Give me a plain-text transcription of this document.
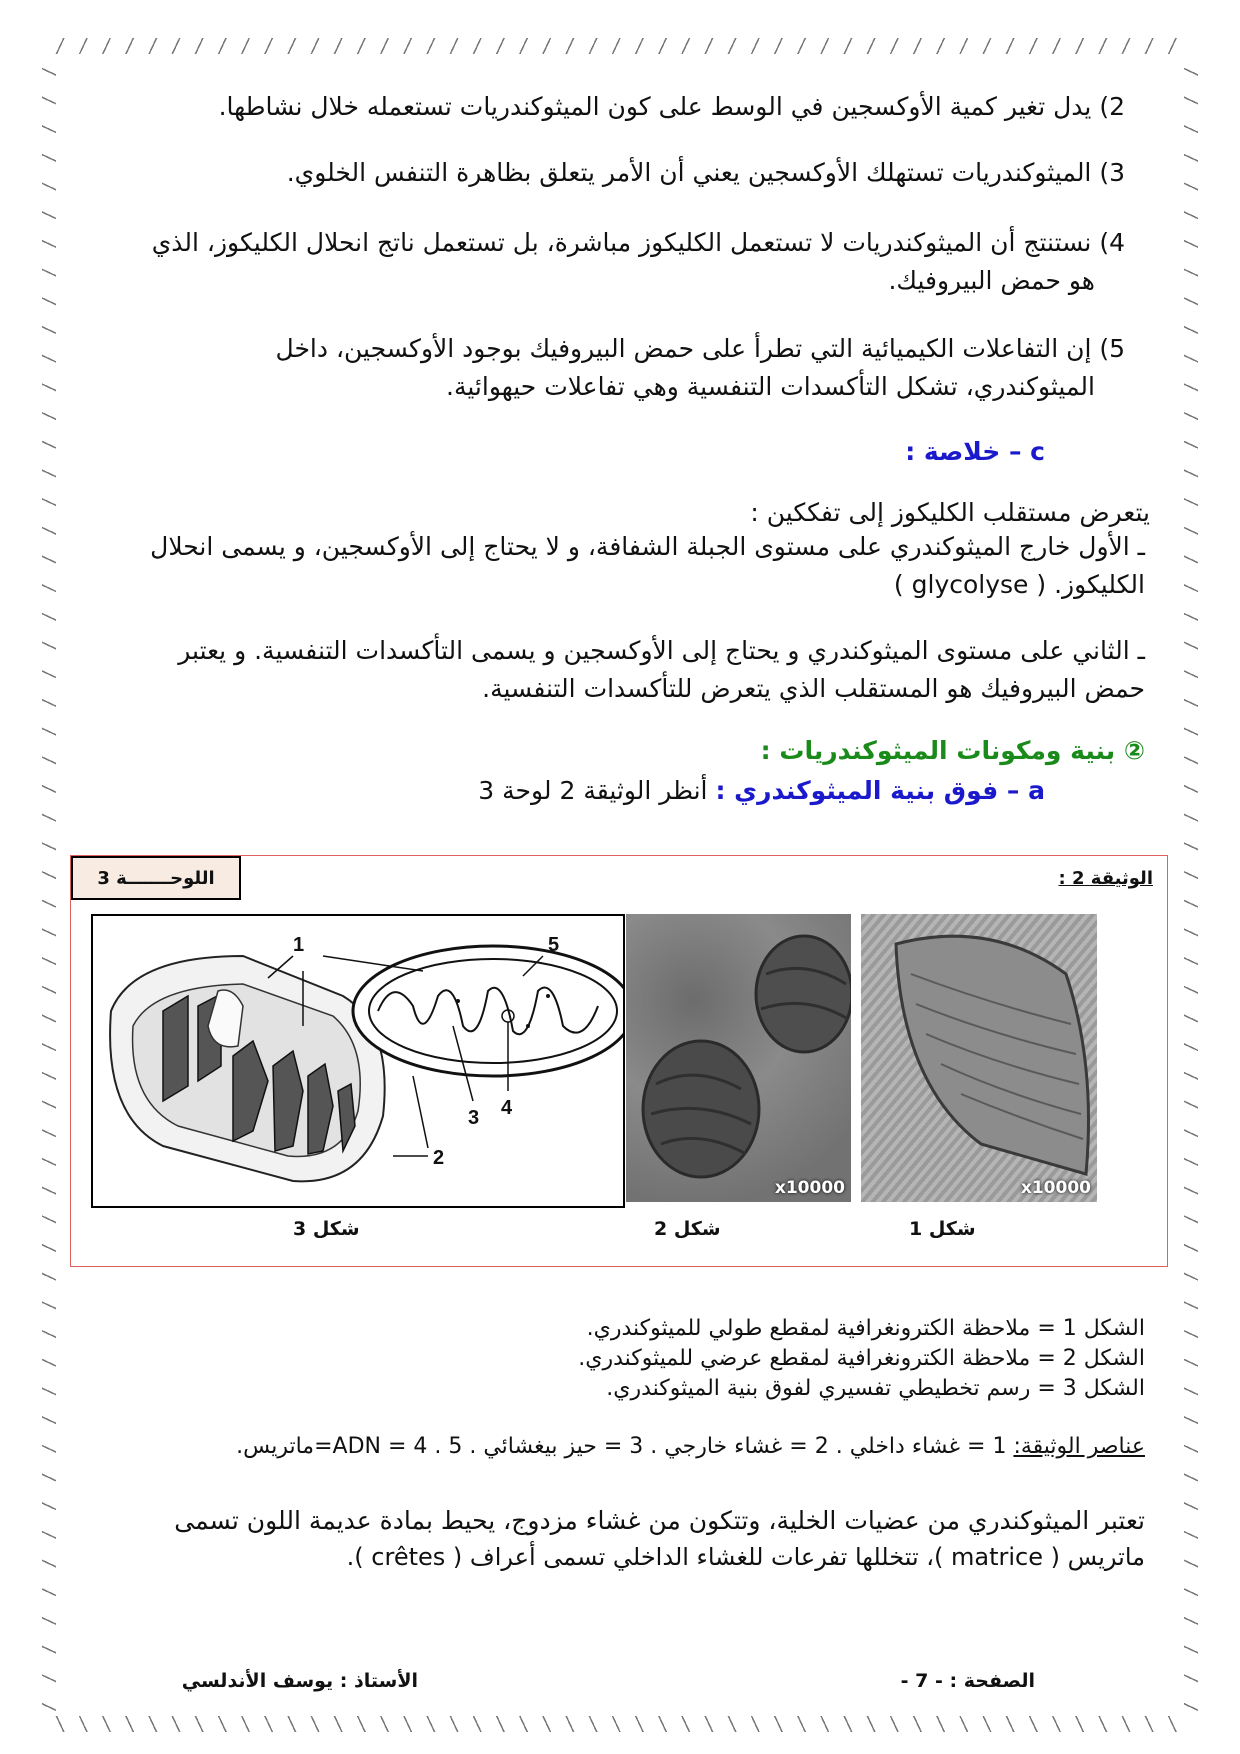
2) يدل تغير كمية الأوكسجين في الوسط على كون الميثوكندريات تستعمله خلال نشاطها.
3) الميثوكندريات تستهلك الأوكسجين يعني أن الأمر يتعلق بظاهرة التنفس الخلوي.
4) نستنتج أن الميثوكندريات لا تستعمل الكليكوز مباشرة، بل تستعمل ناتج انحلال الكليكوز، الذي
هو حمض البيروفيك.
5) إن التفاعلات الكيميائية التي تطرأ على حمض البيروفيك بوجود الأوكسجين، داخل
الميثوكندري، تشكل التأكسدات التنفسية وهي تفاعلات حيهوائية.
c – خلاصة :
يتعرض مستقلب الكليكوز إلى تفككين :
ـ الأول خارج الميثوكندري على مستوى الجبلة الشفافة، و لا يحتاج إلى الأوكسجين، و يسمى انحلال
الكليكوز. ( glycolyse )
ـ الثاني على مستوى الميثوكندري و يحتاج إلى الأوكسجين و يسمى التأكسدات التنفسية. و يعتبر
حمض البيروفيك هو المستقلب الذي يتعرض للتأكسدات التنفسية.
② بنية ومكونات الميثوكندريات :
a – فوق بنية الميثوكندري : أنظر الوثيقة 2 لوحة 3
اللوحـــــــة 3	الوثيقة 2 :
1
2
3 4
5
x10000	x10000
شكل 3	شكل 2	شكل 1
الشكل 1 = ملاحظة الكترونغرافية لمقطع طولي للميثوكندري.
الشكل 2 = ملاحظة الكترونغرافية لمقطع عرضي للميثوكندري.
الشكل 3 = رسم تخطيطي تفسيري لفوق بنية الميثوكندري.
عناصر الوثيقة: 1 = غشاء داخلي . 2 = غشاء خارجي . 3 = حيز بيغشائي . ADN = 4 . 5=ماتريس.
تعتبر الميثوكندري من عضيات الخلية، وتتكون من غشاء مزدوج، يحيط بمادة عديمة اللون تسمى
ماتريس ( matrice )، تتخللها تفرعات للغشاء الداخلي تسمى أعراف ( crêtes ).
الصفحة : - 7 -
الأستاذ : يوسف الأندلسي
